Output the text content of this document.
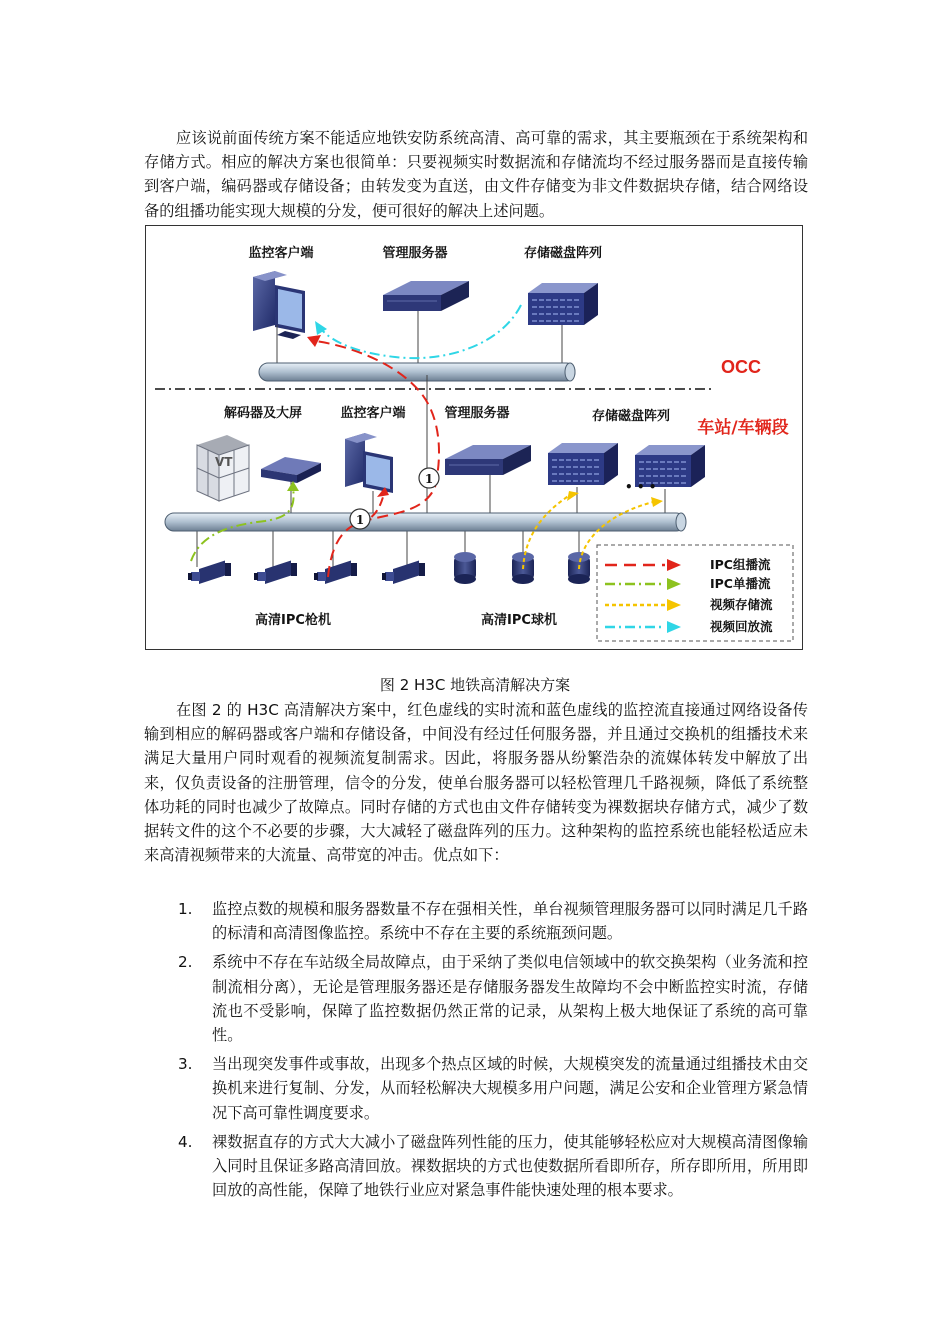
应该说前面传统方案不能适应地铁安防系统高清、高可靠的需求，其主要瓶颈在于系统架构和存储方式。相应的解决方案也很简单：只要视频实时数据流和存储流均不经过服务器而是直接传输到客户端，编码器或存储设备；由转发变为直送，由文件存储变为非文件数据块存储，结合网络设备的组播功能实现大规模的分发，便可很好的解决上述问题。

监控客户端	管理服务器	存储磁盘阵列
OCC
解码器及大屏	监控客户端	管理服务器	存储磁盘阵列
车站/车辆段
VT
• • •
高清IPC枪机	高清IPC球机
1
1
IPC组播流
IPC单播流
视频存储流
视频回放流
图 2 H3C 地铁高清解决方案

在图 2 的 H3C 高清解决方案中，红色虚线的实时流和蓝色虚线的监控流直接通过网络设备传输到相应的解码器或客户端和存储设备，中间没有经过任何服务器，并且通过交换机的组播技术来满足大量用户同时观看的视频流复制需求。因此，将服务器从纷繁浩杂的流媒体转发中解放了出来，仅负责设备的注册管理，信令的分发，使单台服务器可以轻松管理几千路视频，降低了系统整体功耗的同时也减少了故障点。同时存储的方式也由文件存储转变为裸数据块存储方式，减少了数据转文件的这个不必要的步骤，大大减轻了磁盘阵列的压力。这种架构的监控系统也能轻松适应未来高清视频带来的大流量、高带宽的冲击。优点如下：

1. 监控点数的规模和服务器数量不存在强相关性，单台视频管理服务器可以同时满足几千路的标清和高清图像监控。系统中不存在主要的系统瓶颈问题。
2. 系统中不存在车站级全局故障点，由于采纳了类似电信领域中的软交换架构（业务流和控制流相分离），无论是管理服务器还是存储服务器发生故障均不会中断监控实时流，存储流也不受影响，保障了监控数据仍然正常的记录，从架构上极大地保证了系统的高可靠性。
3. 当出现突发事件或事故，出现多个热点区域的时候，大规模突发的流量通过组播技术由交换机来进行复制、分发，从而轻松解决大规模多用户问题，满足公安和企业管理方紧急情况下高可靠性调度要求。
4. 裸数据直存的方式大大减小了磁盘阵列性能的压力，使其能够轻松应对大规模高清图像输入同时且保证多路高清回放。裸数据块的方式也使数据所看即所存，所存即所用，所用即回放的高性能，保障了地铁行业应对紧急事件能快速处理的根本要求。
